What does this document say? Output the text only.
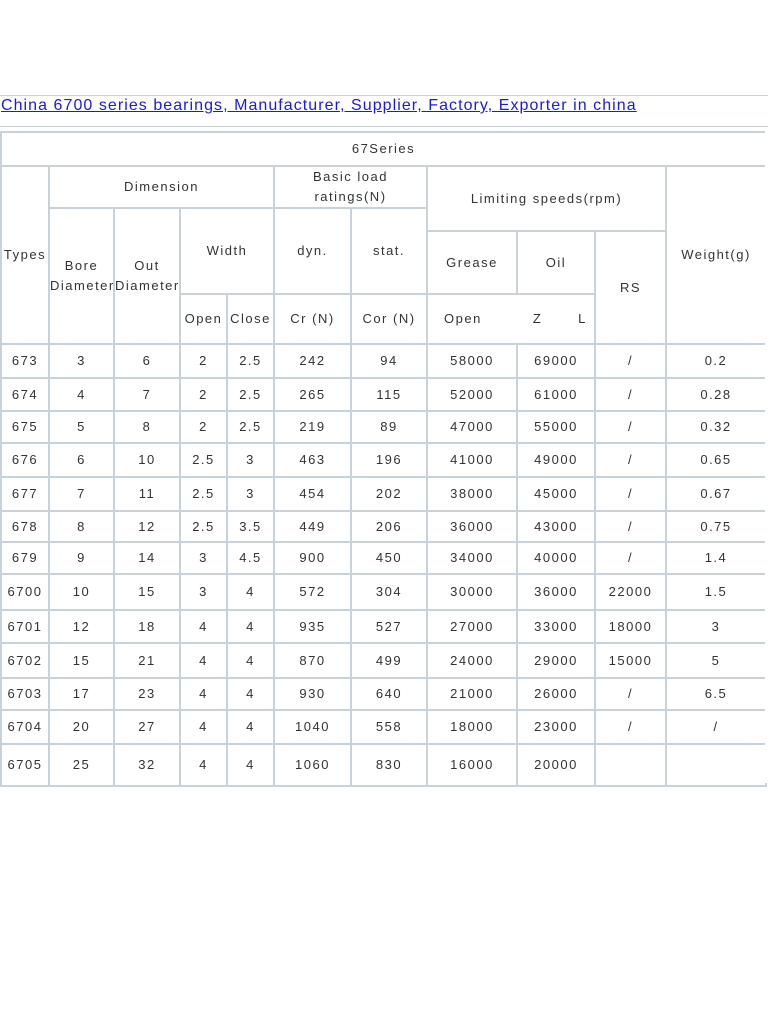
China 6700 series bearings, Manufacturer, Supplier, Factory, Exporter in china
67Series										
Types	Dimension				Basic load ratings(N)		Limiting speeds(rpm)			Weight(g)
	Bore Diameter	Out Diameter	Width		dyn.	stat.				
							Grease	Oil	RS	
			Open	Close	Cr (N)	Cor (N)	Open          Z       L			
673	3	6	2	2.5	242	94	58000	69000	/	0.2
674	4	7	2	2.5	265	115	52000	61000	/	0.28
675	5	8	2	2.5	219	89	47000	55000	/	0.32
676	6	10	2.5	3	463	196	41000	49000	/	0.65
677	7	11	2.5	3	454	202	38000	45000	/	0.67
678	8	12	2.5	3.5	449	206	36000	43000	/	0.75
679	9	14	3	4.5	900	450	34000	40000	/	1.4
6700	10	15	3	4	572	304	30000	36000	22000	1.5
6701	12	18	4	4	935	527	27000	33000	18000	3
6702	15	21	4	4	870	499	24000	29000	15000	5
6703	17	23	4	4	930	640	21000	26000	/	6.5
6704	20	27	4	4	1040	558	18000	23000	/	/
6705	25	32	4	4	1060	830	16000	20000		
